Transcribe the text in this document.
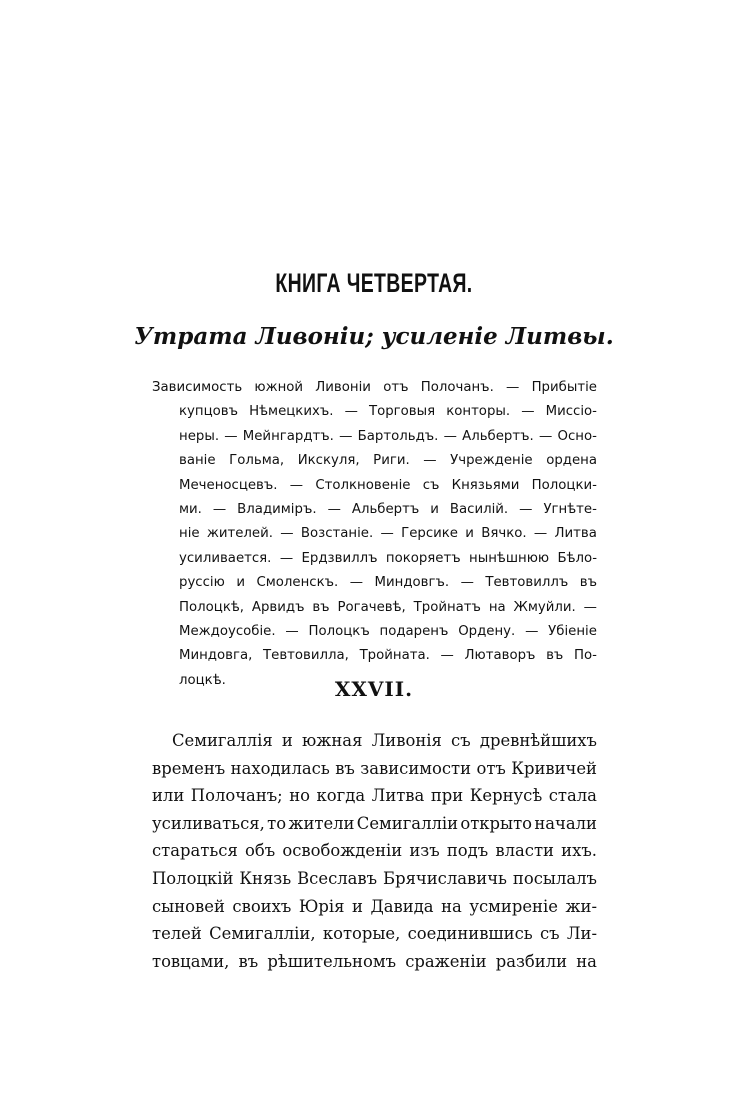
КНИГА ЧЕТВЕРТАЯ.
Утрата Ливоніи; усиленіе Литвы.
Зависимость южной Ливоніи отъ Полочанъ. — Прибытіе
купцовъ Нѣмецкихъ. — Торговыя конторы. — Миссіо-
неры. — Мейнгардтъ. — Бартольдъ. — Альбертъ. — Осно-
ваніе Гольма, Икскуля, Риги. — Учрежденіе ордена
Меченосцевъ. — Столкновеніе съ Князьями Полоцки-
ми. — Владиміръ. — Альбертъ и Василій. — Угнѣте-
ніе жителей. — Возстаніе. — Герсике и Вячко. — Литва
усиливается. — Ердзвиллъ покоряетъ нынѣшнюю Бѣло-
руссію и Смоленскъ. — Миндовгъ. — Тевтовиллъ въ
Полоцкѣ, Арвидъ въ Рогачевѣ, Тройнатъ на Жмуйли. —
Междоусобіе. — Полоцкъ подаренъ Ордену. — Убіеніе
Миндовга, Тевтовилла, Тройната. — Лютаворъ въ По-
лоцкѣ.	XXVII.
Семигаллія и южная Ливонія съ древнѣйшихъ
временъ находилась въ зависимости отъ Кривичей
или Полочанъ; но когда Литва при Кернусѣ стала
усиливаться, то жители Семигалліи открыто начали
стараться объ освобожденіи изъ подъ власти ихъ.
Полоцкій Князь Всеславъ Брячиславичь посылалъ
сыновей своихъ Юрія и Давида на усмиреніе жи-
телей Семигалліи, которые, соединившись съ Ли-
товцами, въ рѣшительномъ сраженіи разбили на
